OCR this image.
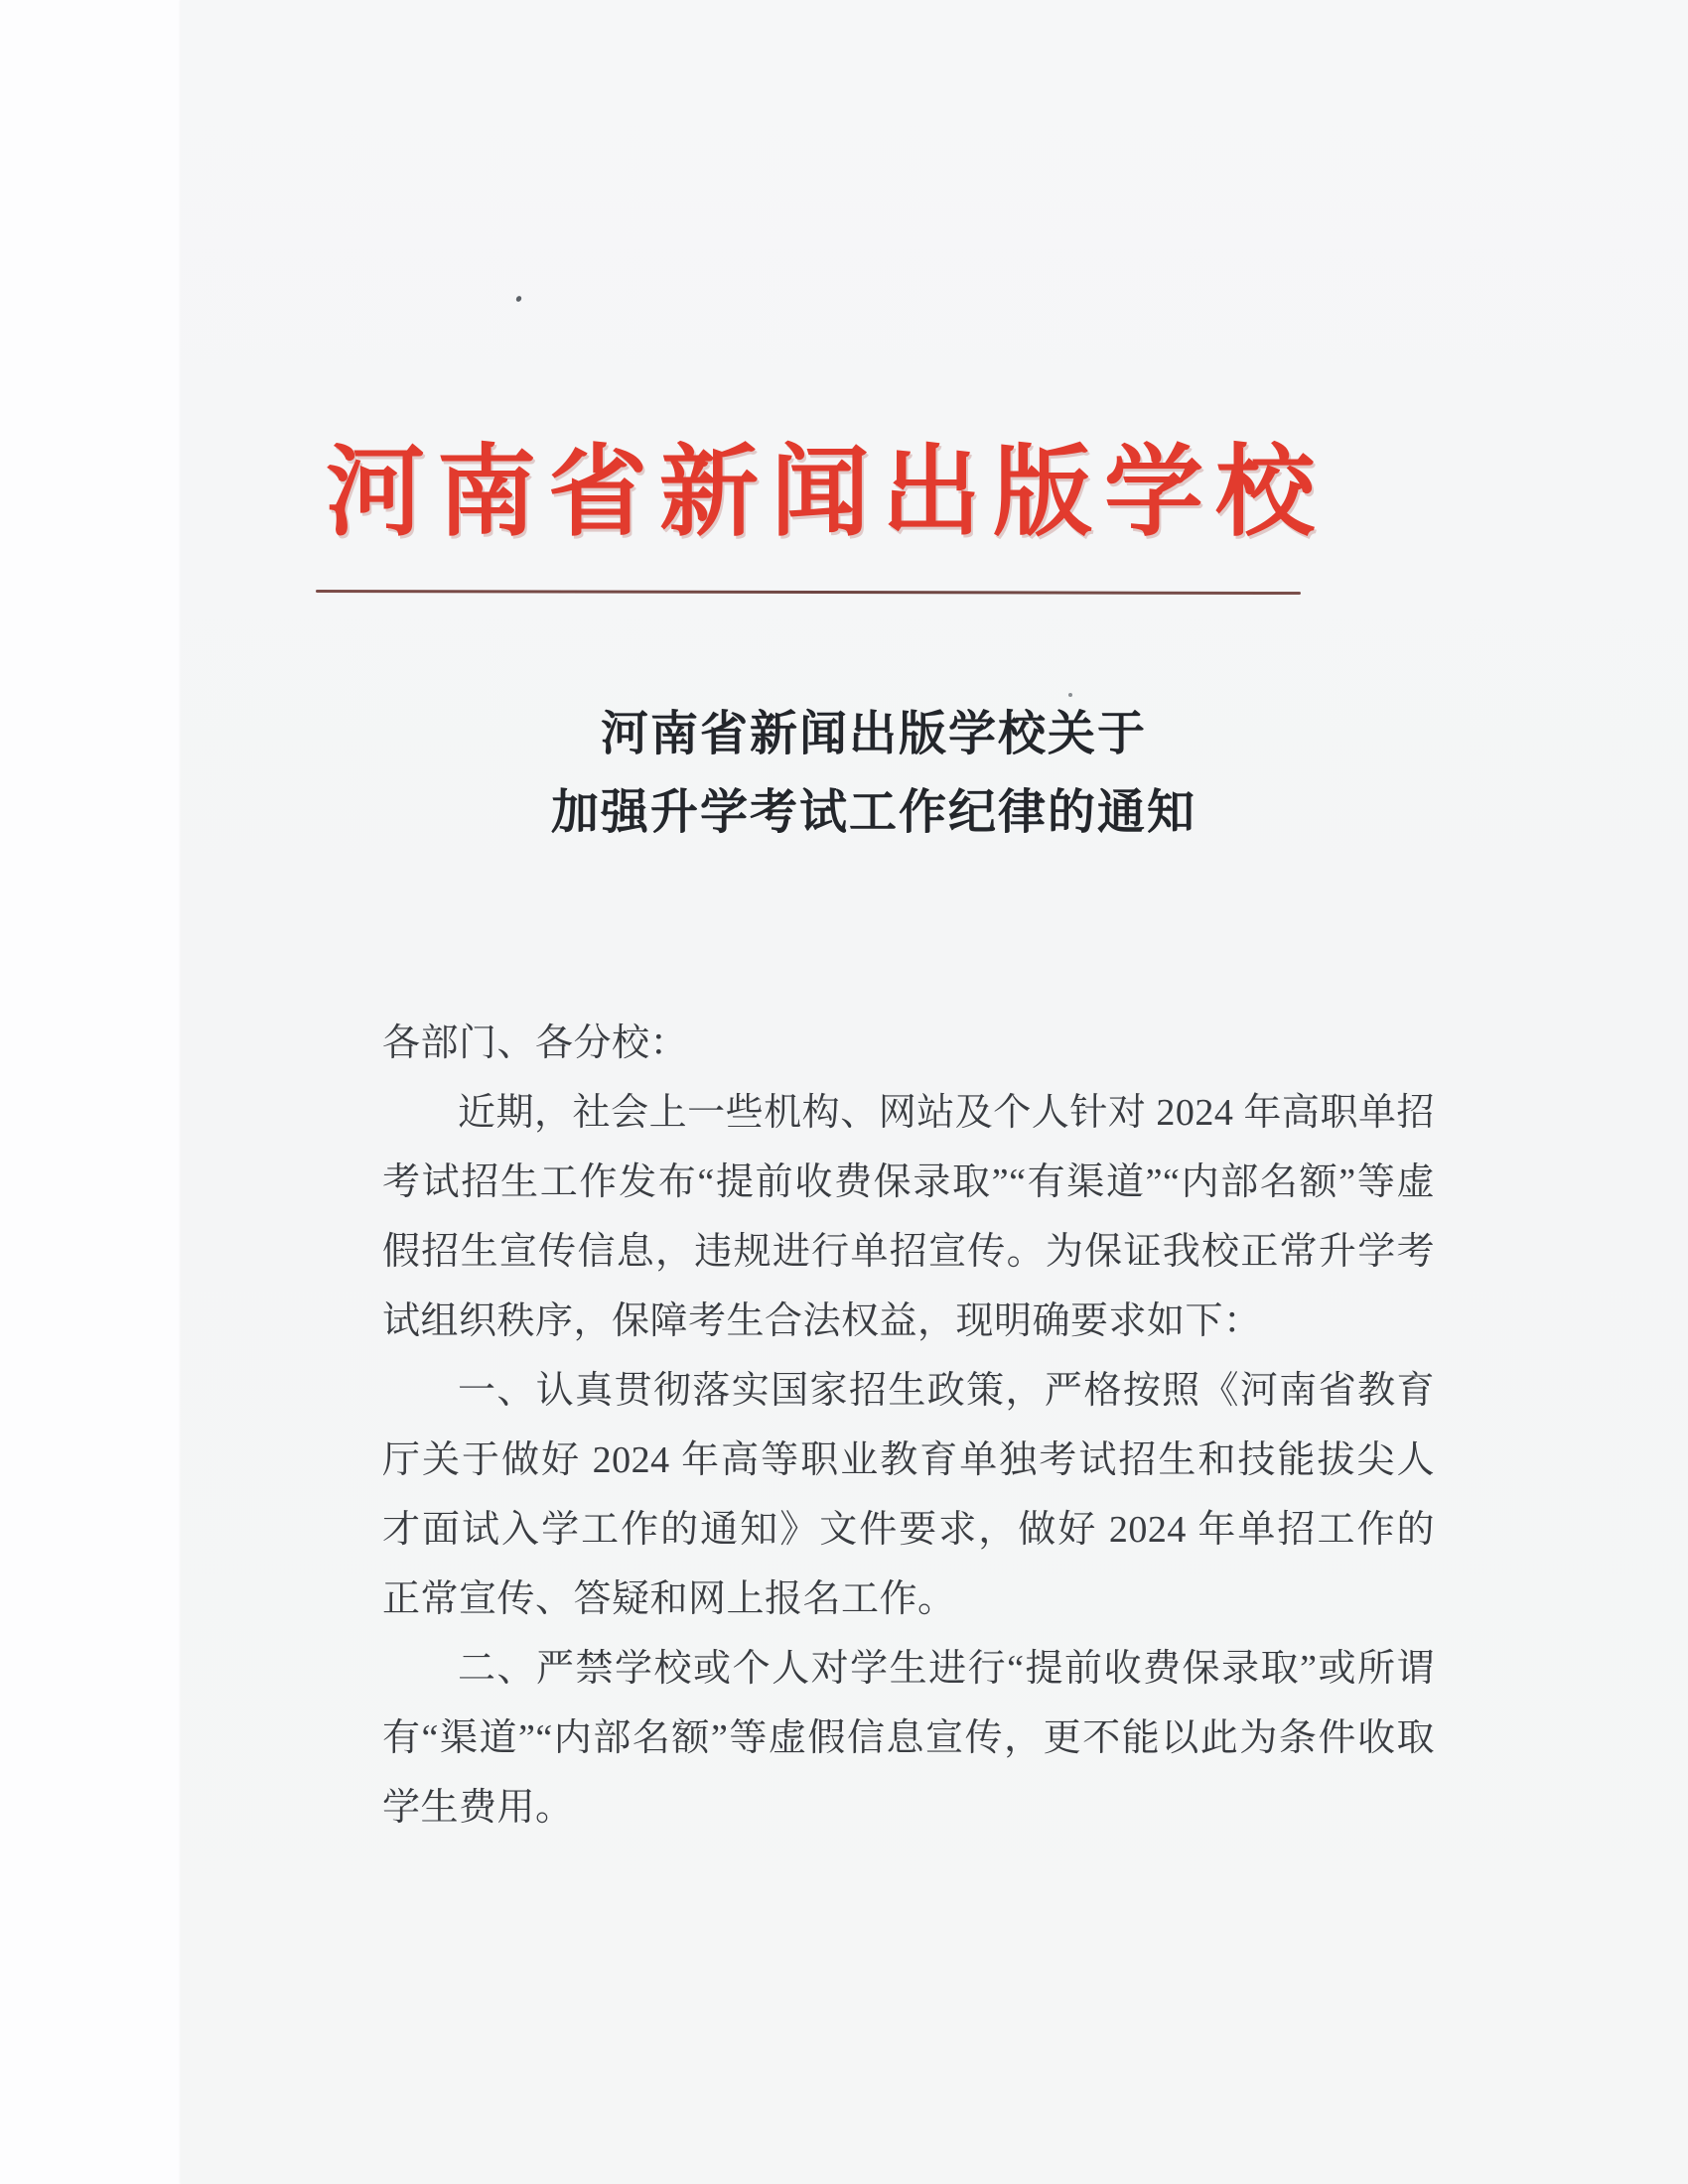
河南省新闻出版学校
河南省新闻出版学校关于
加强升学考试工作纪律的通知

各部门、各分校：

近期，社会上一些机构、网站及个人针对 2024 年高职单招考试招生工作发布“提前收费保录取”“有渠道”“内部名额”等虚假招生宣传信息，违规进行单招宣传。为保证我校正常升学考试组织秩序，保障考生合法权益，现明确要求如下：

一、认真贯彻落实国家招生政策，严格按照《河南省教育厅关于做好 2024 年高等职业教育单独考试招生和技能拔尖人才面试入学工作的通知》文件要求，做好 2024 年单招工作的正常宣传、答疑和网上报名工作。

二、严禁学校或个人对学生进行“提前收费保录取”或所谓有“渠道”“内部名额”等虚假信息宣传，更不能以此为条件收取学生费用。
